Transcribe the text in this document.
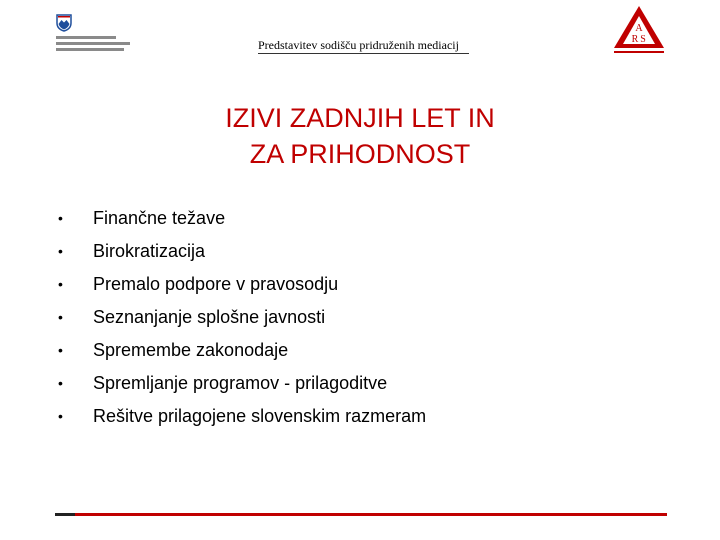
Predstavitev sodišču pridruženih mediacij
A
R S
IZIVI ZADNJIH LET IN
ZA PRIHODNOST
• Finančne težave
• Birokratizacija
• Premalo podpore v pravosodju
• Seznanjanje splošne javnosti
• Spremembe zakonodaje
• Spremljanje programov - prilagoditve
• Rešitve prilagojene slovenskim razmeram
